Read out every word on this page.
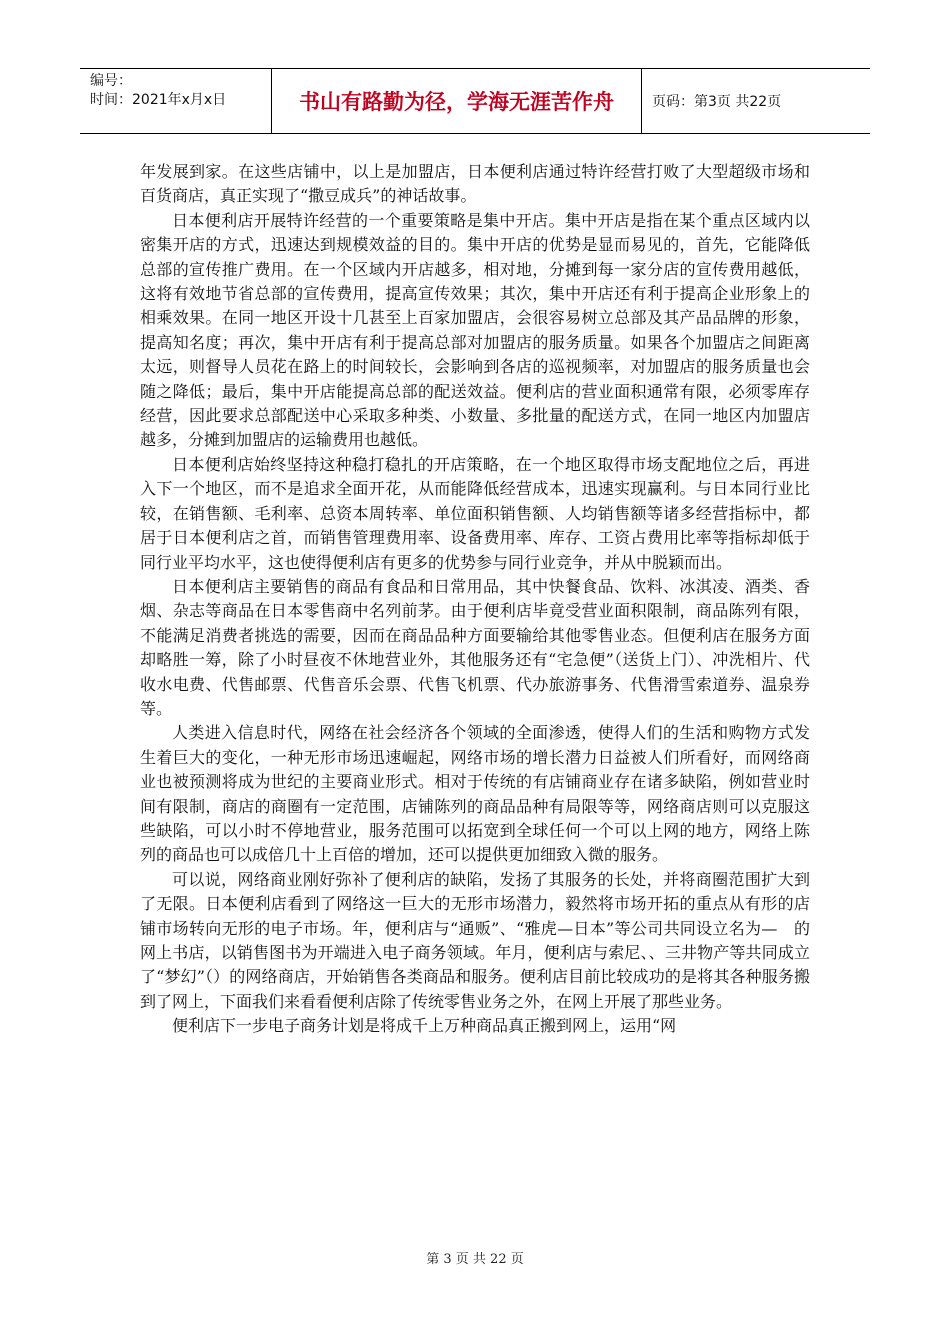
编号：
时间：2021年x月x日	书山有路勤为径，学海无涯苦作舟	页码：第3页 共22页

年发展到家。在这些店铺中，以上是加盟店，日本便利店通过特许经营打败了大型超级市场和百货商店，真正实现了“撒豆成兵”的神话故事。

日本便利店开展特许经营的一个重要策略是集中开店。集中开店是指在某个重点区域内以密集开店的方式，迅速达到规模效益的目的。集中开店的优势是显而易见的，首先，它能降低总部的宣传推广费用。在一个区域内开店越多，相对地，分摊到每一家分店的宣传费用越低，这将有效地节省总部的宣传费用，提高宣传效果；其次，集中开店还有利于提高企业形象上的相乘效果。在同一地区开设十几甚至上百家加盟店，会很容易树立总部及其产品品牌的形象，提高知名度；再次，集中开店有利于提高总部对加盟店的服务质量。如果各个加盟店之间距离太远，则督导人员花在路上的时间较长，会影响到各店的巡视频率，对加盟店的服务质量也会随之降低；最后，集中开店能提高总部的配送效益。便利店的营业面积通常有限，必须零库存经营，因此要求总部配送中心采取多种类、小数量、多批量的配送方式，在同一地区内加盟店越多，分摊到加盟店的运输费用也越低。

日本便利店始终坚持这种稳打稳扎的开店策略，在一个地区取得市场支配地位之后，再进入下一个地区，而不是追求全面开花，从而能降低经营成本，迅速实现赢利。与日本同行业比较，在销售额、毛利率、总资本周转率、单位面积销售额、人均销售额等诸多经营指标中，都居于日本便利店之首，而销售管理费用率、设备费用率、库存、工资占费用比率等指标却低于同行业平均水平，这也使得便利店有更多的优势参与同行业竞争，并从中脱颖而出。

日本便利店主要销售的商品有食品和日常用品，其中快餐食品、饮料、冰淇凌、酒类、香烟、杂志等商品在日本零售商中名列前茅。由于便利店毕竟受营业面积限制，商品陈列有限，不能满足消费者挑选的需要，因而在商品品种方面要输给其他零售业态。但便利店在服务方面却略胜一筹，除了小时昼夜不休地营业外，其他服务还有“宅急便”（送货上门）、冲洗相片、代收水电费、代售邮票、代售音乐会票、代售飞机票、代办旅游事务、代售滑雪索道券、温泉券等。

人类进入信息时代，网络在社会经济各个领域的全面渗透，使得人们的生活和购物方式发生着巨大的变化，一种无形市场迅速崛起，网络市场的增长潜力日益被人们所看好，而网络商业也被预测将成为世纪的主要商业形式。相对于传统的有店铺商业存在诸多缺陷，例如营业时间有限制，商店的商圈有一定范围，店铺陈列的商品品种有局限等等，网络商店则可以克服这些缺陷，可以小时不停地营业，服务范围可以拓宽到全球任何一个可以上网的地方，网络上陈列的商品也可以成倍几十上百倍的增加，还可以提供更加细致入微的服务。

可以说，网络商业刚好弥补了便利店的缺陷，发扬了其服务的长处，并将商圈范围扩大到了无限。日本便利店看到了网络这一巨大的无形市场潜力，毅然将市场开拓的重点从有形的店铺市场转向无形的电子市场。年，便利店与“通贩”、“雅虎—日本”等公司共同设立名为—　的网上书店，以销售图书为开端进入电子商务领域。年月，便利店与索尼、、三井物产等共同成立了“梦幻”（）的网络商店，开始销售各类商品和服务。便利店目前比较成功的是将其各种服务搬到了网上，下面我们来看看便利店除了传统零售业务之外，在网上开展了那些业务。

便利店下一步电子商务计划是将成千上万种商品真正搬到网上，运用“网

第 3 页 共 22 页
